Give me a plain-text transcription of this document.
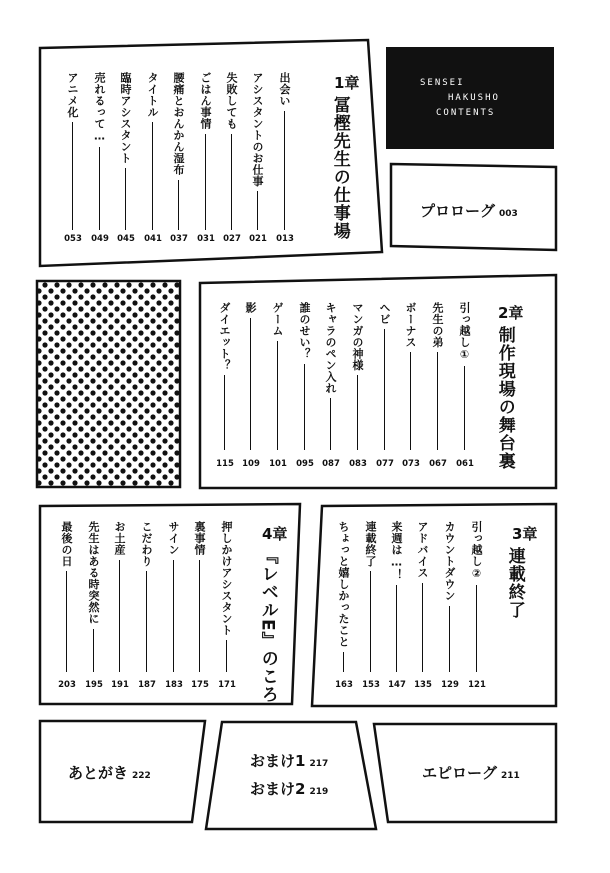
SENSEI
HAKUSHO
CONTENTS
プロローグ 003
1章
冨樫先生の仕事場
出会い
013
アシスタントのお仕事
021
失敗しても
027
ごはん事情
031
腰痛とおんかん湿布
037
タイトル
041
臨時アシスタント
045
売れるって…
049
アニメ化
053
2章
制作現場の舞台裏
引っ越し①
061
先生の弟
067
ボーナス
073
ヘビ
077
マンガの神様
083
キャラのペン入れ
087
誰のせい？
095
ゲーム
101
影
109
ダイエット？
115
3章
連載終了
引っ越し②
121
カウントダウン
129
アドバイス
135
来週は…！
147
連載終了
153
ちょっと嬉しかったこと
163
4章
『レベルE』のころ
押しかけアシスタント
171
裏事情
175
サイン
183
こだわり
187
お土産
191
先生はある時突然に
195
最後の日
203
あとがき 222
おまけ1 217
おまけ2 219
エピローグ 211
